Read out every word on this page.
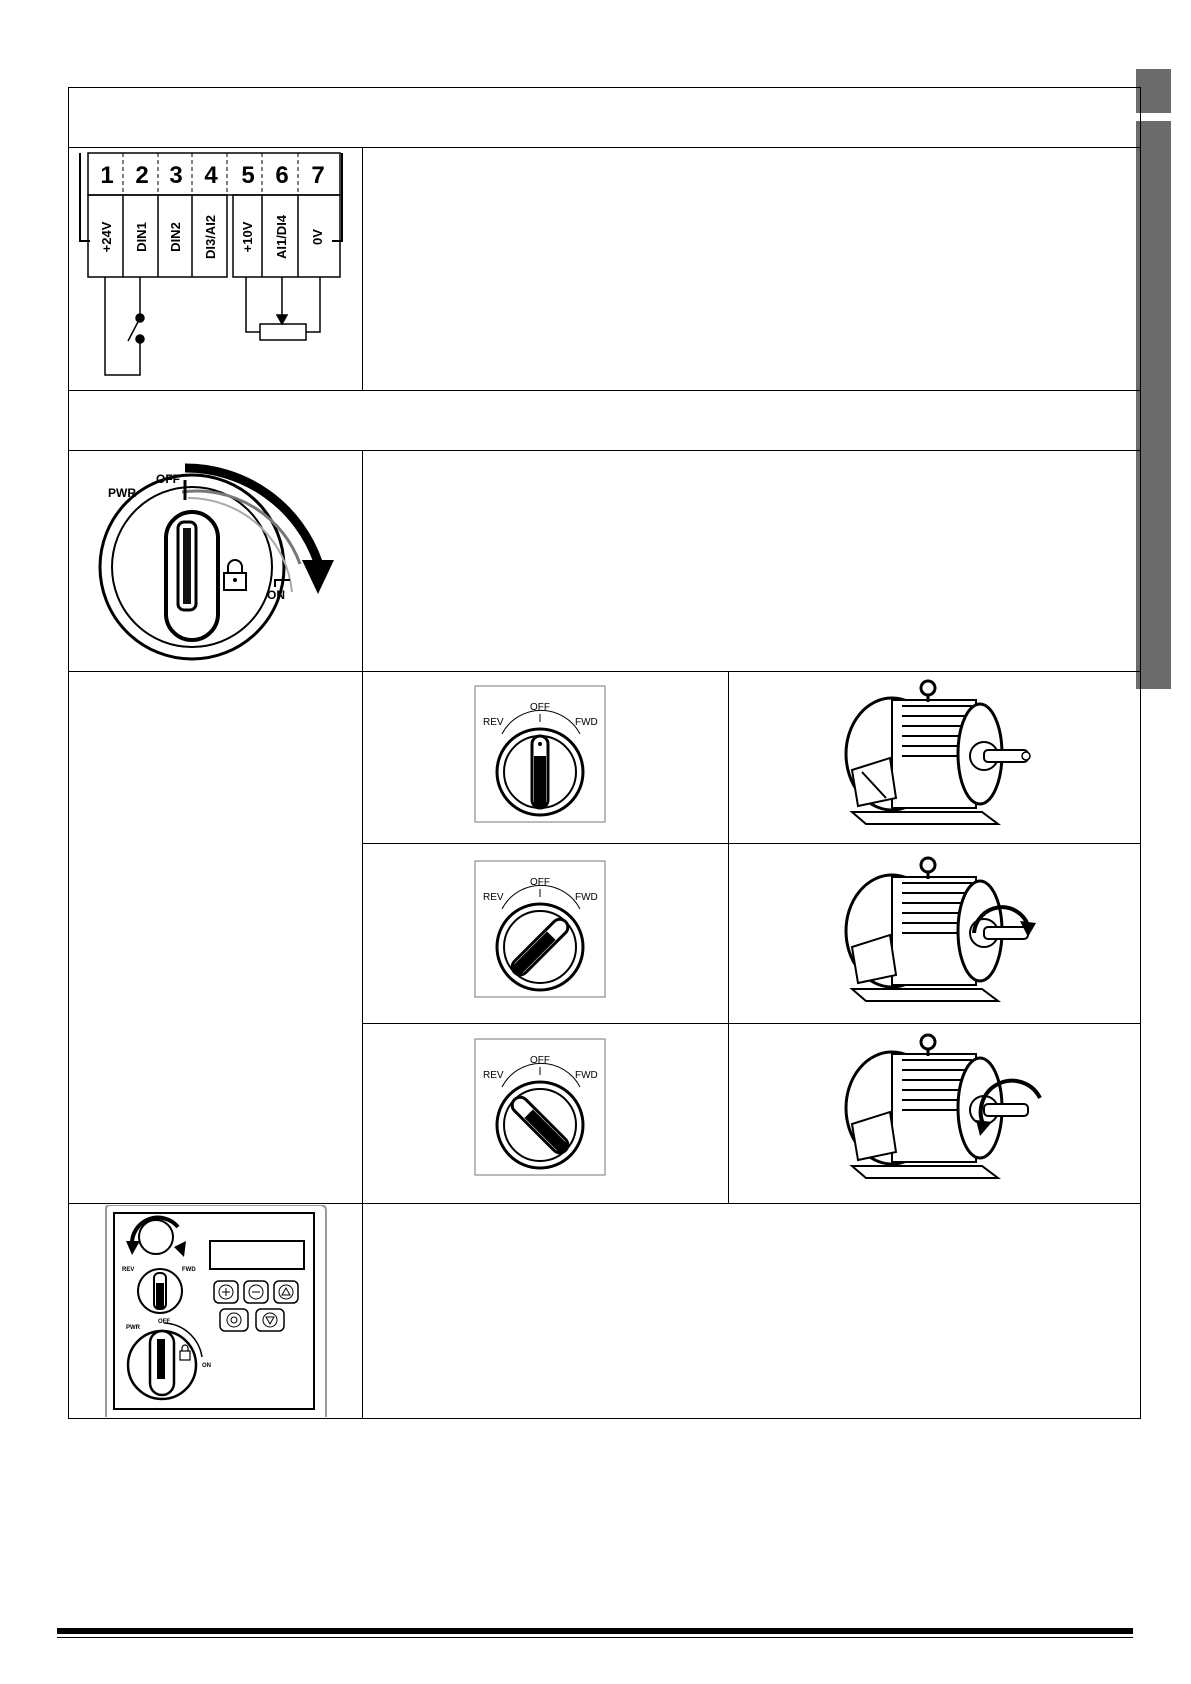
1 2 3 4 5 6 7
+24V DIN1 DIN2 DI3/AI2 +10V AI1/DI4 0V
PWR
OFF
ON
OFF
REV	FWD
OFF
REV	FWD
OFF
REV	FWD
REV	FWD
PWR
OFF
ON
